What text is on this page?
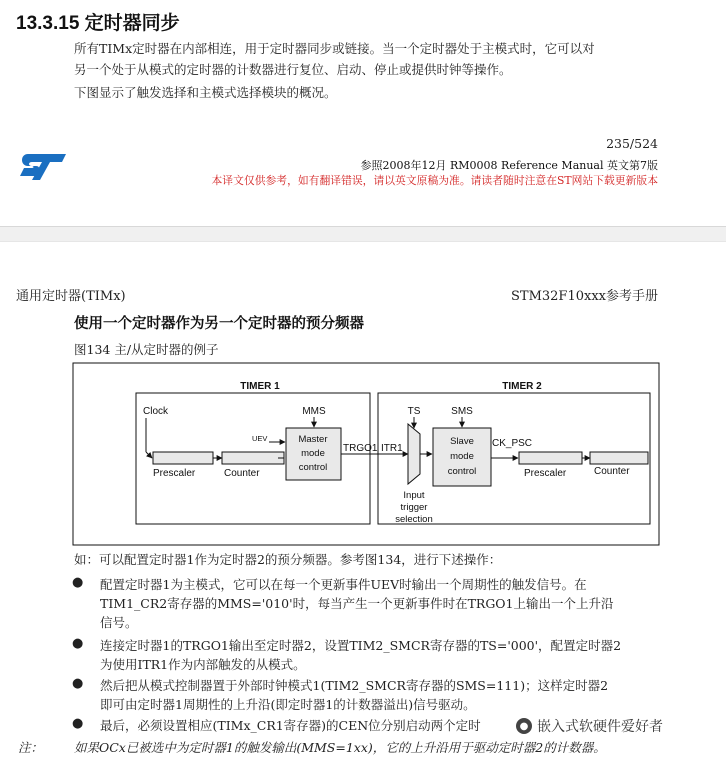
13.3.15 定时器同步
所有TIMx定时器在内部相连，用于定时器同步或链接。当一个定时器处于主模式时，它可以对
另一个处于从模式的定时器的计数器进行复位、启动、停止或提供时钟等操作。
下图显示了触发选择和主模式选择模块的概况。
235/524
参照2008年12月 RM0008 Reference Manual 英文第7版
本译文仅供参考，如有翻译错误，请以英文原稿为准。请读者随时注意在ST网站下载更新版本
通用定时器(TIMx)	STM32F10xxx参考手册
使用一个定时器作为另一个定时器的预分频器
图134 主/从定时器的例子
TIMER 1
Clock
Prescaler	Counter
UEV
MMS
Master
mode
control
TRGO1
TIMER 2
ITR1
TS
Input
trigger
selection
SMS
Slave
mode
control
CK_PSC
Prescaler	Counter
如：可以配置定时器1作为定时器2的预分频器。参考图134，进行下述操作：
● 配置定时器1为主模式，它可以在每一个更新事件UEV时输出一个周期性的触发信号。在
TIM1_CR2寄存器的MMS='010'时，每当产生一个更新事件时在TRGO1上输出一个上升沿
信号。
● 连接定时器1的TRGO1输出至定时器2，设置TIM2_SMCR寄存器的TS='000'，配置定时器2
为使用ITR1作为内部触发的从模式。
● 然后把从模式控制器置于外部时钟模式1(TIM2_SMCR寄存器的SMS=111)；这样定时器2
即可由定时器1周期性的上升沿(即定时器1的计数器溢出)信号驱动。
● 最后，必须设置相应(TIMx_CR1寄存器)的CEN位分别启动两个定时	● 嵌入式软硬件爱好者
注： 如果OCx已被选中为定时器1的触发输出(MMS=1xx)，它的上升沿用于驱动定时器2的计数器。
